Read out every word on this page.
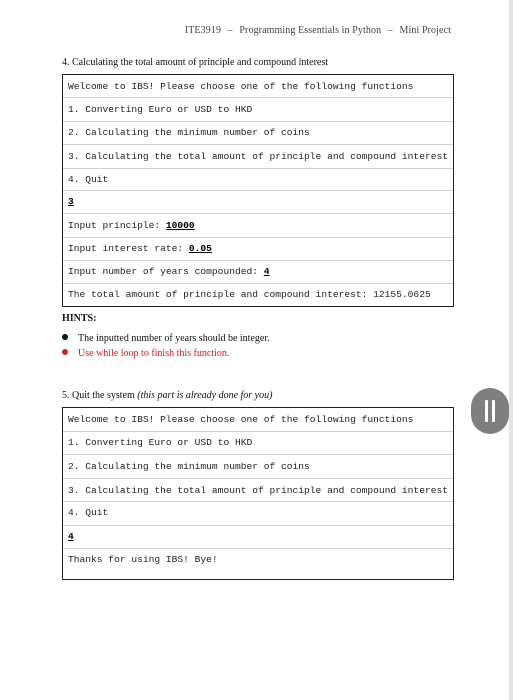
ITE3919 – Programming Essentials in Python – Mini Project
4. Calculating the total amount of principle and compound interest
Welcome to IBS! Please choose one of the following functions
1. Converting Euro or USD to HKD
2. Calculating the minimum number of coins
3. Calculating the total amount of principle and compound interest
4. Quit
3
Input principle: 10000
Input interest rate: 0.05
Input number of years compounded: 4
The total amount of principle and compound interest: 12155.0625
HINTS:
The inputted number of years should be integer.
Use while loop to finish this function.
5. Quit the system (this part is already done for you)
Welcome to IBS! Please choose one of the following functions
1. Converting Euro or USD to HKD
2. Calculating the minimum number of coins
3. Calculating the total amount of principle and compound interest
4. Quit
4
Thanks for using IBS! Bye!
